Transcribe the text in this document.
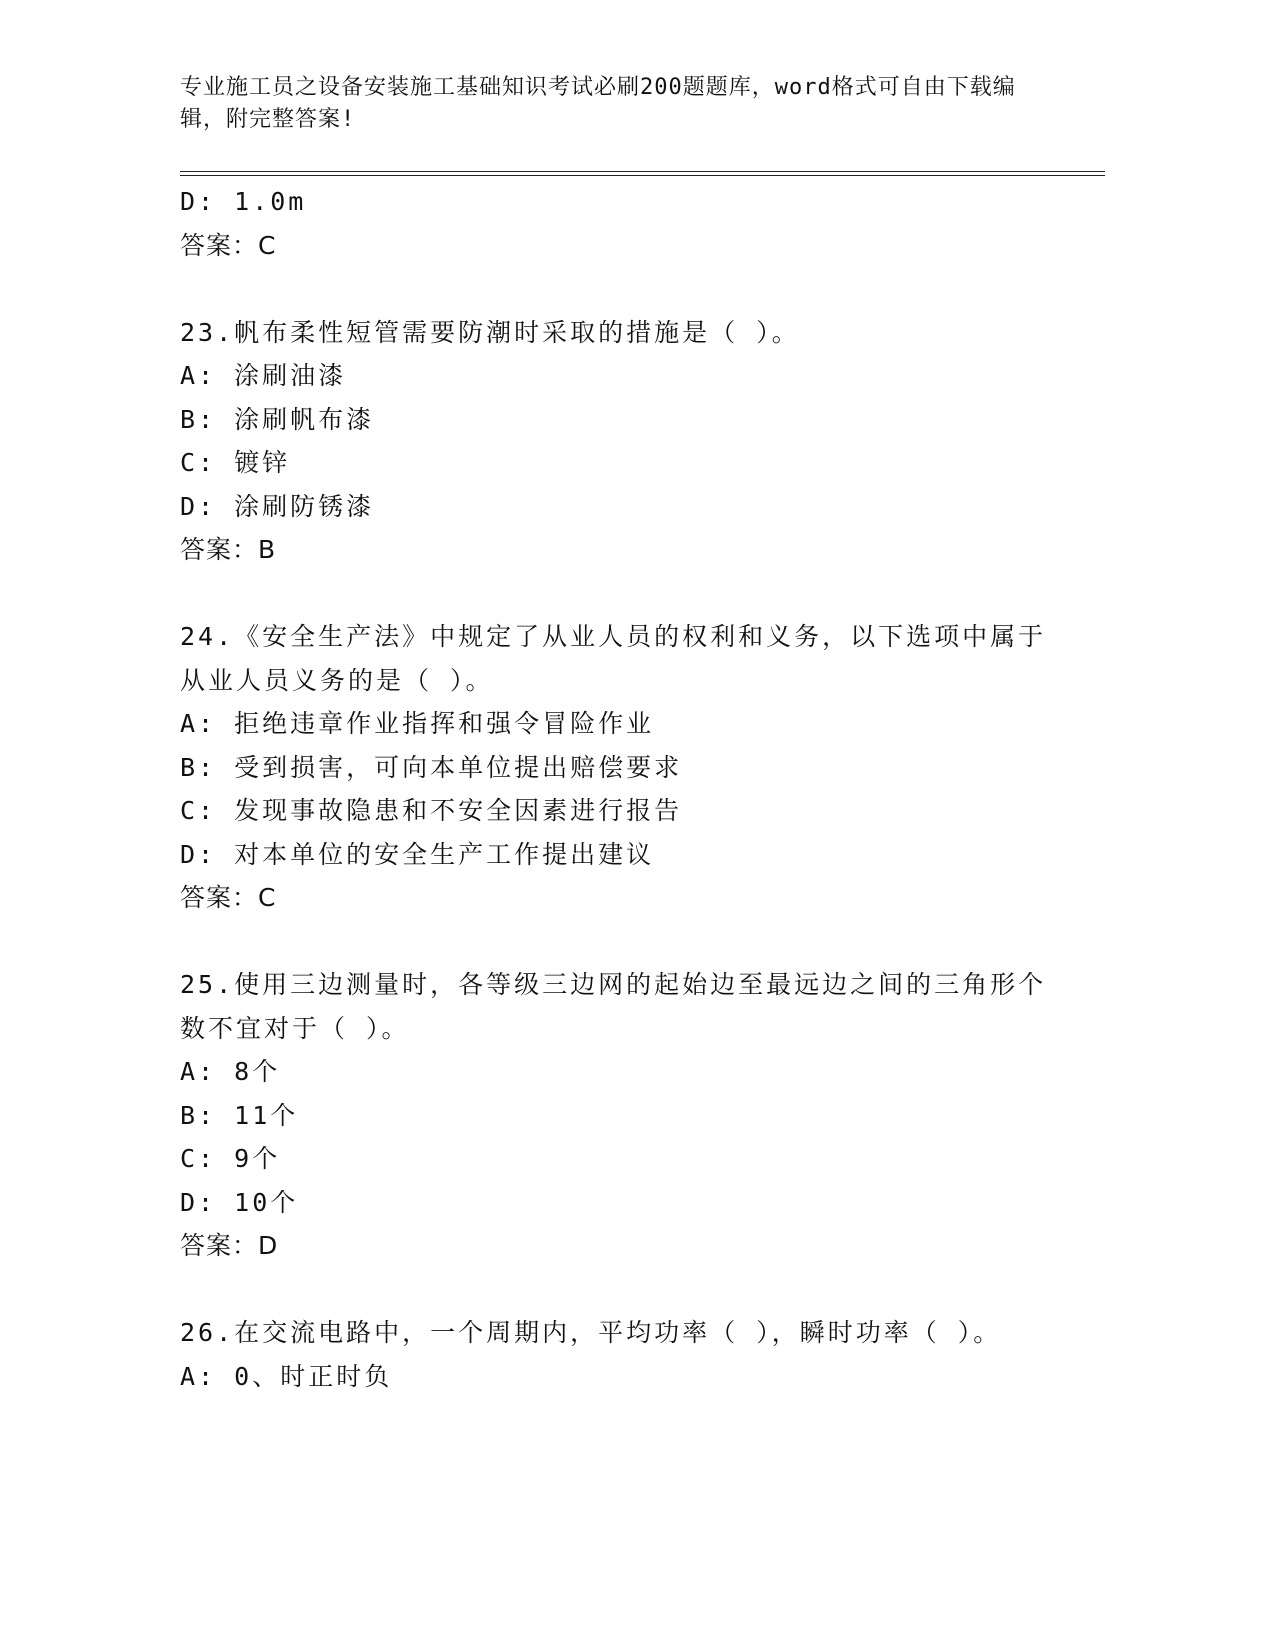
专业施工员之设备安装施工基础知识考试必刷200题题库，word格式可自由下载编辑，附完整答案!
D: 1.0m
答案：C
23.帆布柔性短管需要防潮时采取的措施是（ ）。
A: 涂刷油漆
B: 涂刷帆布漆
C: 镀锌
D: 涂刷防锈漆
答案：B
24.《安全生产法》中规定了从业人员的权利和义务，以下选项中属于
从业人员义务的是（ ）。
A: 拒绝违章作业指挥和强令冒险作业
B: 受到损害，可向本单位提出赔偿要求
C: 发现事故隐患和不安全因素进行报告
D: 对本单位的安全生产工作提出建议
答案：C
25.使用三边测量时，各等级三边网的起始边至最远边之间的三角形个
数不宜对于（ ）。
A: 8个
B: 11个
C: 9个
D: 10个
答案：D
26.在交流电路中，一个周期内，平均功率（ ），瞬时功率（ ）。
A: 0、时正时负
